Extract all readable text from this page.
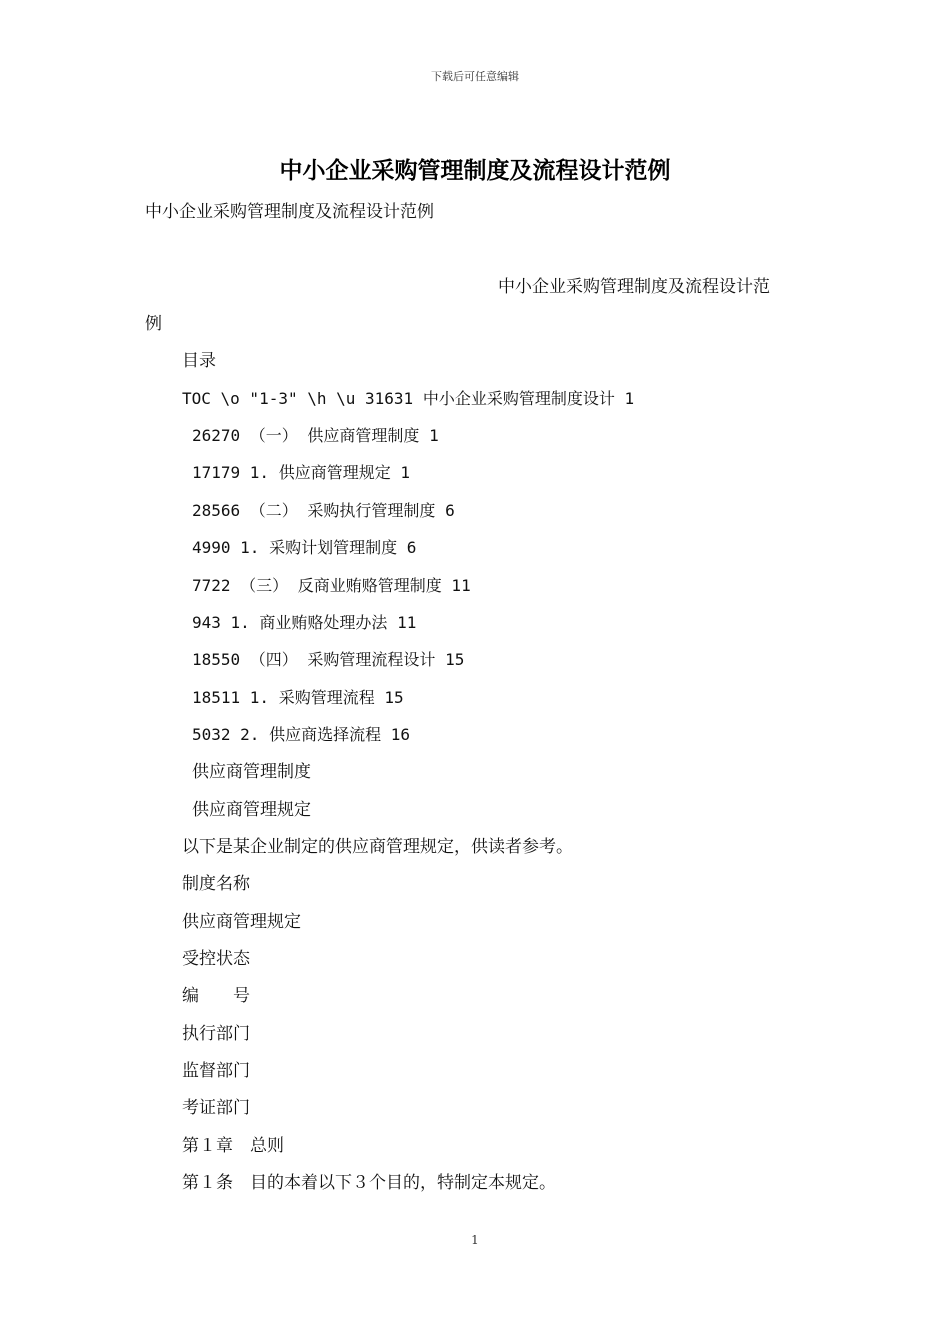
下载后可任意编辑
中小企业采购管理制度及流程设计范例
中小企业采购管理制度及流程设计范例
中小企业采购管理制度及流程设计范
例
目录
TOC \o "1-3" \h \u 31631 中小企业采购管理制度设计 1
26270 （一） 供应商管理制度 1
17179 1. 供应商管理规定 1
28566 （二） 采购执行管理制度 6
4990 1. 采购计划管理制度 6
7722 （三） 反商业贿赂管理制度 11
943 1. 商业贿赂处理办法 11
18550 （四） 采购管理流程设计 15
18511 1. 采购管理流程 15
5032 2. 供应商选择流程 16
供应商管理制度
供应商管理规定
以下是某企业制定的供应商管理规定，供读者参考。
制度名称
供应商管理规定
受控状态
编　　号
执行部门
监督部门
考证部门
第１章　总则
第１条　目的本着以下３个目的，特制定本规定。
1
